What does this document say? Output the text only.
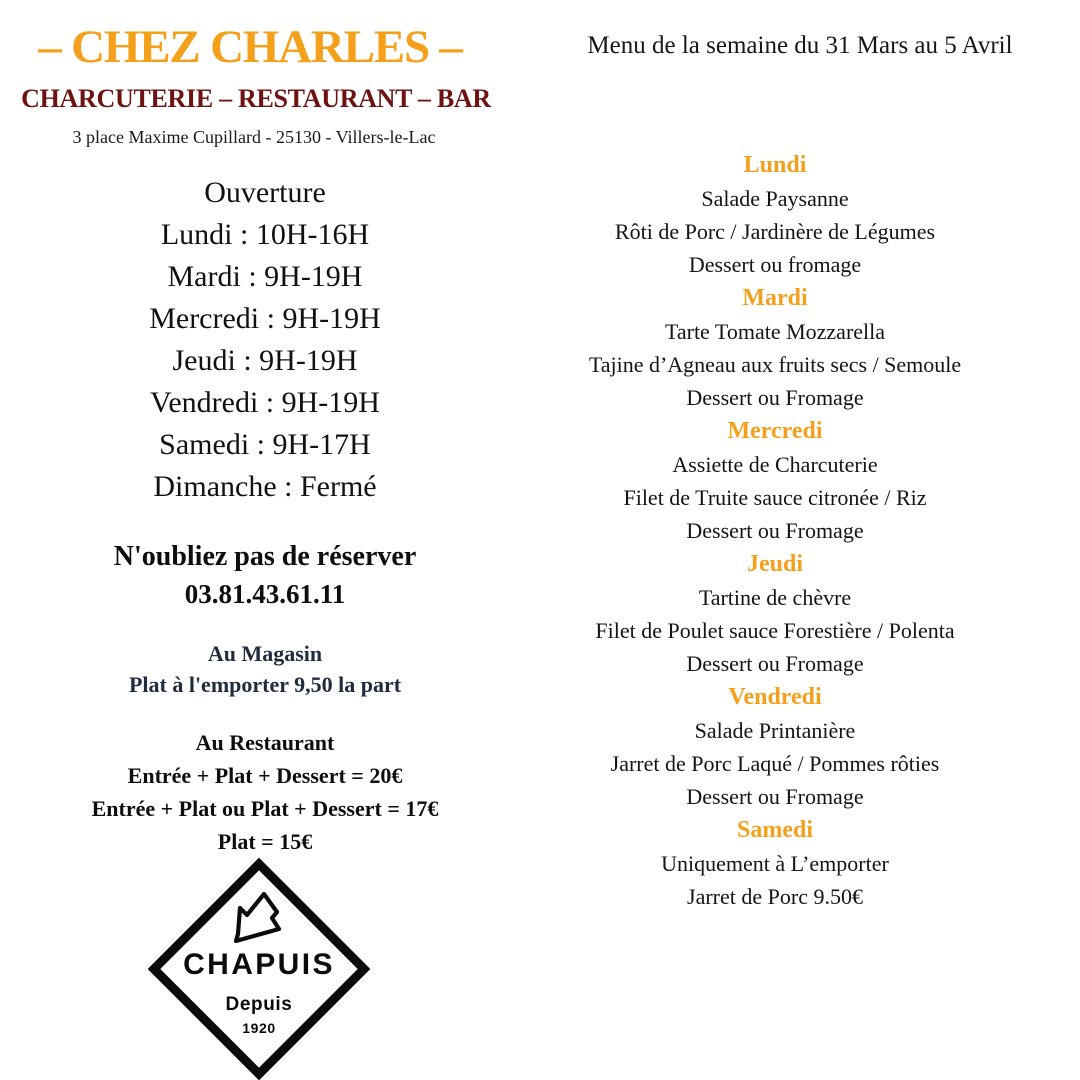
– CHEZ CHARLES –
CHARCUTERIE – RESTAURANT – BAR
3 place Maxime Cupillard - 25130 - Villers-le-Lac
Menu de la semaine du 31 Mars au 5 Avril
Ouverture
Lundi : 10H-16H
Mardi : 9H-19H
Mercredi : 9H-19H
Jeudi : 9H-19H
Vendredi : 9H-19H
Samedi : 9H-17H
Dimanche : Fermé
N'oubliez pas de réserver
03.81.43.61.11
Au Magasin
Plat à l'emporter 9,50 la part
Au Restaurant
Entrée + Plat + Dessert = 20€
Entrée + Plat ou Plat + Dessert = 17€
Plat = 15€
CHAPUIS
Depuis
1920
Lundi
Salade Paysanne
Rôti de Porc / Jardinère de Légumes
Dessert ou fromage
Mardi
Tarte Tomate Mozzarella
Tajine d’Agneau aux fruits secs / Semoule
Dessert ou Fromage
Mercredi
Assiette de Charcuterie
Filet de Truite sauce citronée / Riz
Dessert ou Fromage
Jeudi
Tartine de chèvre
Filet de Poulet sauce Forestière / Polenta
Dessert ou Fromage
Vendredi
Salade Printanière
Jarret de Porc Laqué / Pommes rôties
Dessert ou Fromage
Samedi
Uniquement à L’emporter
Jarret de Porc 9.50€
